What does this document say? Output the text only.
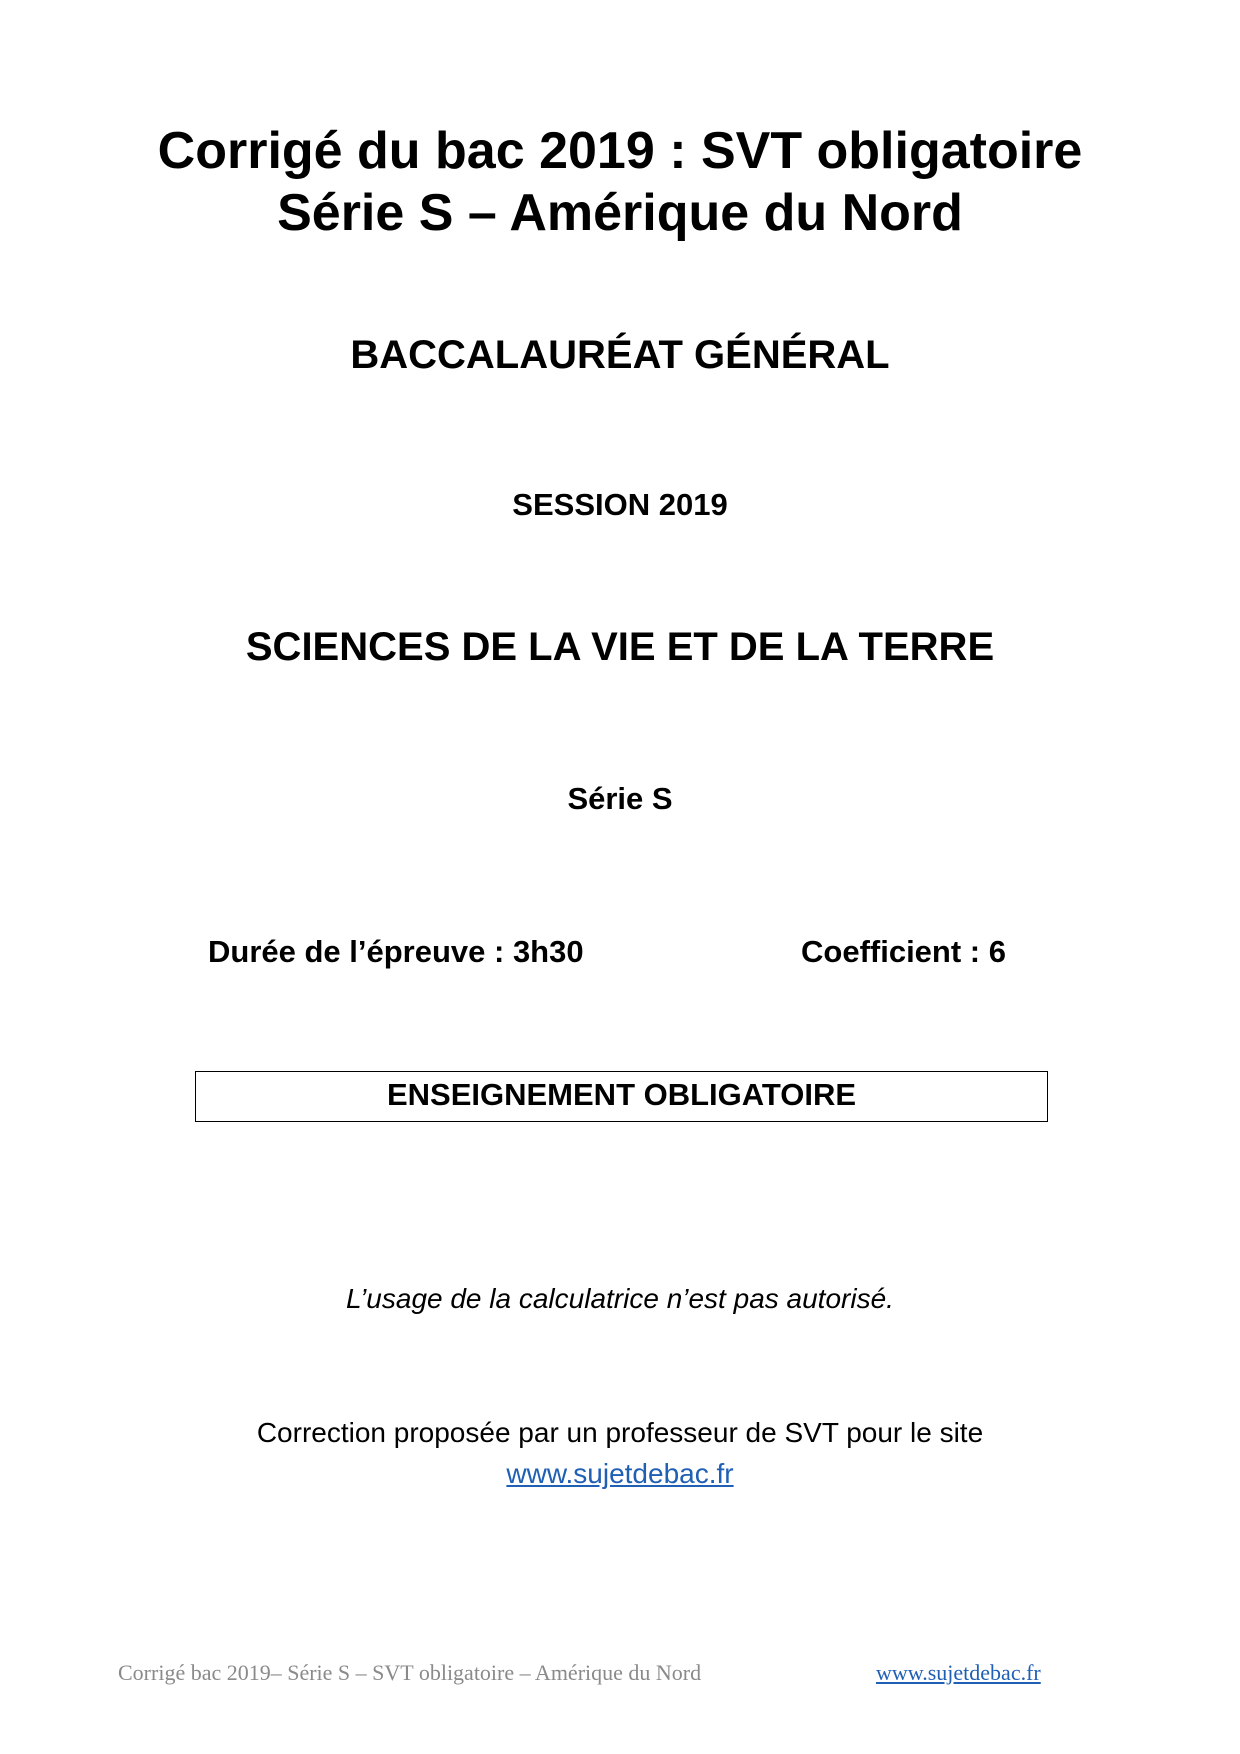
Corrigé du bac 2019 : SVT obligatoire

Série S – Amérique du Nord

BACCALAURÉAT GÉNÉRAL

SESSION 2019

SCIENCES DE LA VIE ET DE LA TERRE

Série S

Durée de l’épreuve : 3h30	Coefficient : 6
ENSEIGNEMENT OBLIGATOIRE

L’usage de la calculatrice n’est pas autorisé.

Correction proposée par un professeur de SVT pour le site

www.sujetdebac.fr

Corrigé bac 2019– Série S – SVT obligatoire – Amérique du Nord	www.sujetdebac.fr
